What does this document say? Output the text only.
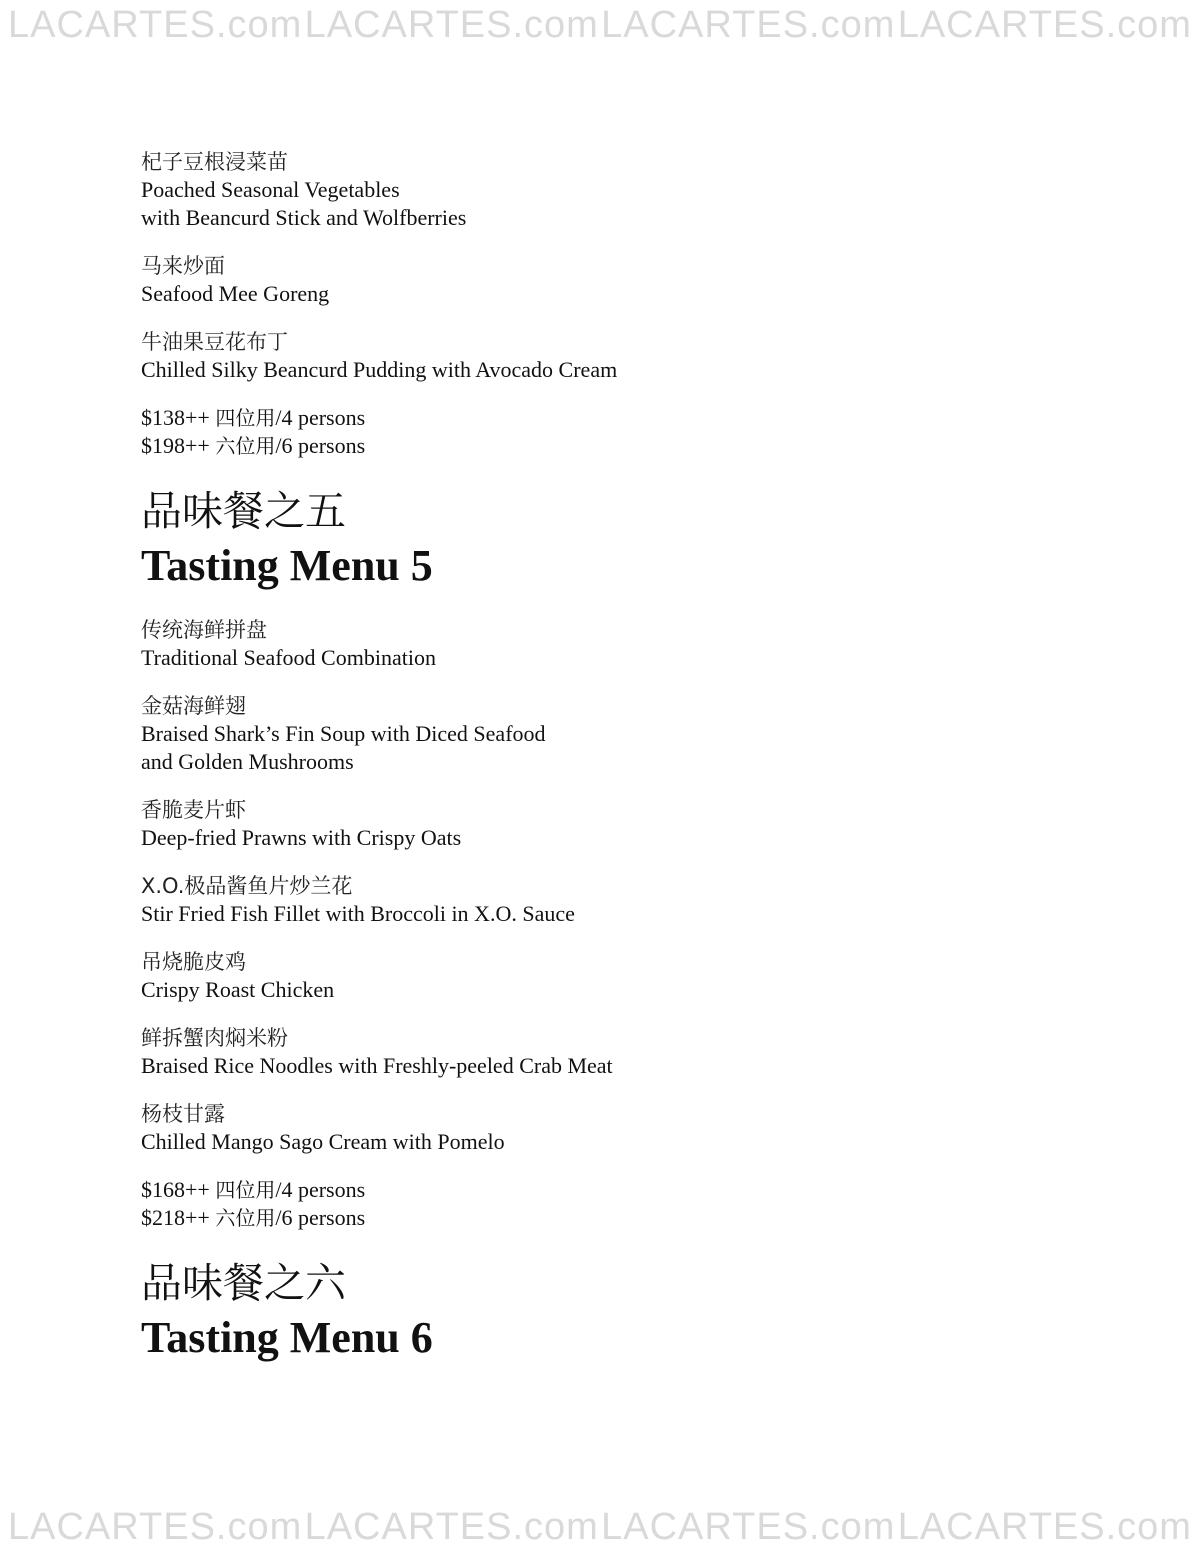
LACARTES.com LACARTES.com LACARTES.com LACARTES.com
杞子豆根浸菜苗
Poached Seasonal Vegetables
with Beancurd Stick and Wolfberries
马来炒面
Seafood Mee Goreng
牛油果豆花布丁
Chilled Silky Beancurd Pudding with Avocado Cream
$138++ 四位用/4 persons
$198++ 六位用/6 persons
品味餐之五
Tasting Menu 5
传统海鲜拼盘
Traditional Seafood Combination
金菇海鲜翅
Braised Shark’s Fin Soup with Diced Seafood
and Golden Mushrooms
香脆麦片虾
Deep-fried Prawns with Crispy Oats
X.O.极品酱鱼片炒兰花
Stir Fried Fish Fillet with Broccoli in X.O. Sauce
吊烧脆皮鸡
Crispy Roast Chicken
鲜拆蟹肉焖米粉
Braised Rice Noodles with Freshly-peeled Crab Meat
杨枝甘露
Chilled Mango Sago Cream with Pomelo
$168++ 四位用/4 persons
$218++ 六位用/6 persons
品味餐之六
Tasting Menu 6
LACARTES.com LACARTES.com LACARTES.com LACARTES.com
